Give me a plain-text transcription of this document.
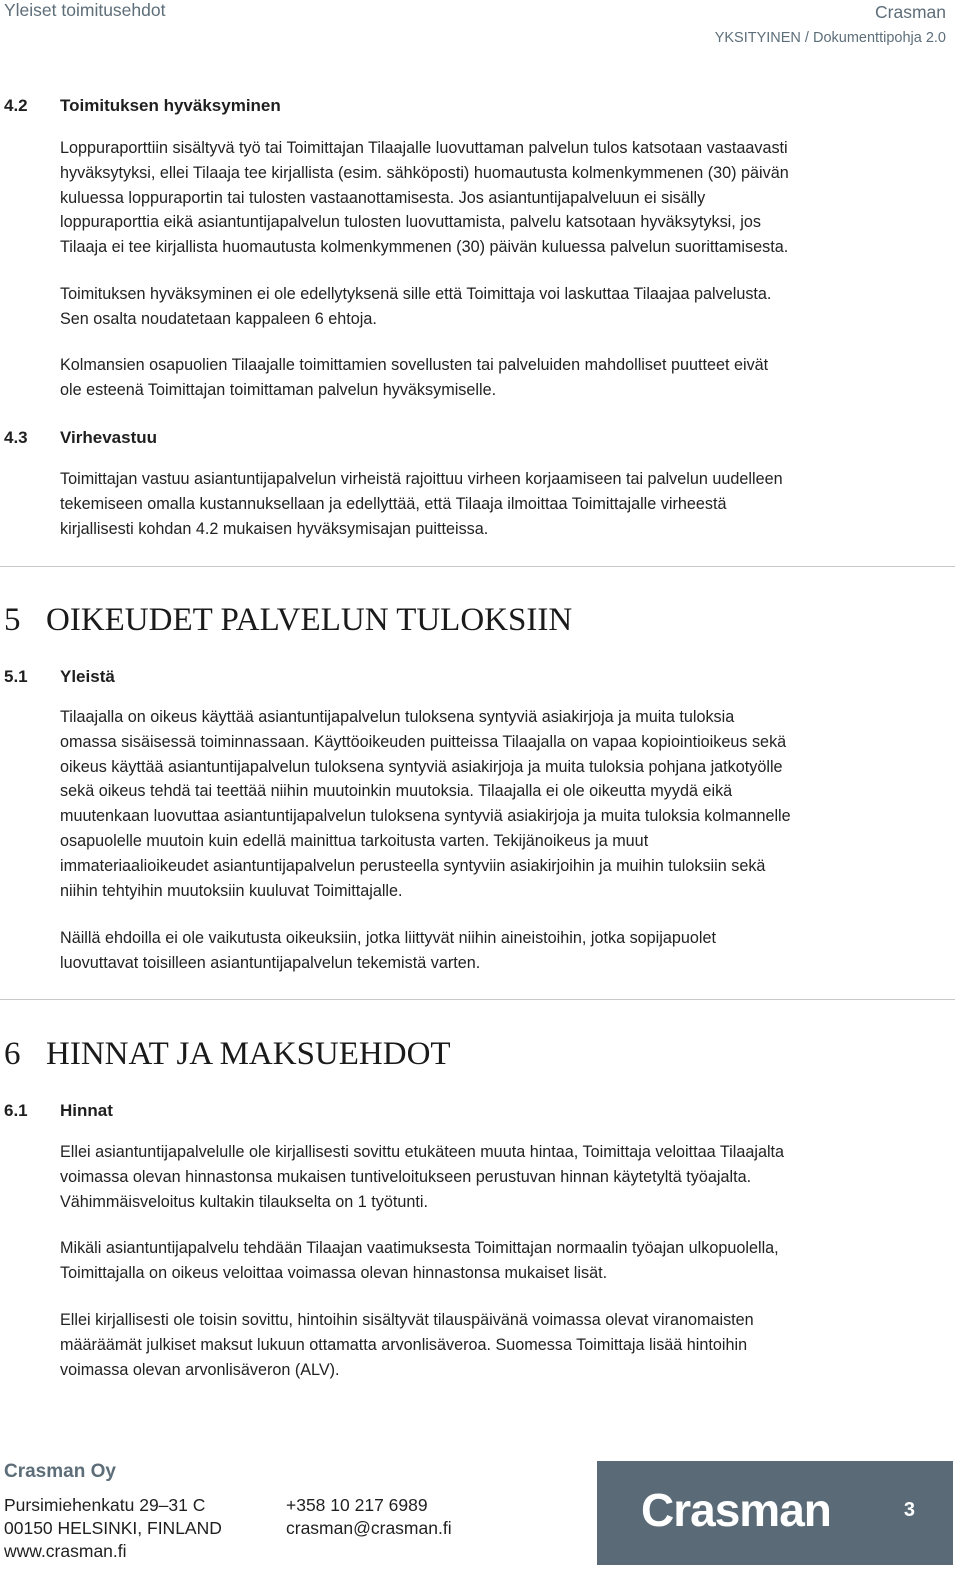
Yleiset toimitusehdot	Crasman
YKSITYINEN / Dokumenttipohja 2.0
4.2 Toimituksen hyväksyminen
Loppuraporttiin sisältyvä työ tai Toimittajan Tilaajalle luovuttaman palvelun tulos katsotaan vastaavasti
hyväksytyksi, ellei Tilaaja tee kirjallista (esim. sähköposti) huomautusta kolmenkymmenen (30) päivän
kuluessa loppuraportin tai tulosten vastaanottamisesta. Jos asiantuntijapalveluun ei sisälly
loppuraporttia eikä asiantuntijapalvelun tulosten luovuttamista, palvelu katsotaan hyväksytyksi, jos
Tilaaja ei tee kirjallista huomautusta kolmenkymmenen (30) päivän kuluessa palvelun suorittamisesta.
Toimituksen hyväksyminen ei ole edellytyksenä sille että Toimittaja voi laskuttaa Tilaajaa palvelusta.
Sen osalta noudatetaan kappaleen 6 ehtoja.
Kolmansien osapuolien Tilaajalle toimittamien sovellusten tai palveluiden mahdolliset puutteet eivät
ole esteenä Toimittajan toimittaman palvelun hyväksymiselle.
4.3 Virhevastuu
Toimittajan vastuu asiantuntijapalvelun virheistä rajoittuu virheen korjaamiseen tai palvelun uudelleen
tekemiseen omalla kustannuksellaan ja edellyttää, että Tilaaja ilmoittaa Toimittajalle virheestä
kirjallisesti kohdan 4.2 mukaisen hyväksymisajan puitteissa.
5 OIKEUDET PALVELUN TULOKSIIN
5.1 Yleistä
Tilaajalla on oikeus käyttää asiantuntijapalvelun tuloksena syntyviä asiakirjoja ja muita tuloksia
omassa sisäisessä toiminnassaan. Käyttöoikeuden puitteissa Tilaajalla on vapaa kopiointioikeus sekä
oikeus käyttää asiantuntijapalvelun tuloksena syntyviä asiakirjoja ja muita tuloksia pohjana jatkotyölle
sekä oikeus tehdä tai teettää niihin muutoinkin muutoksia. Tilaajalla ei ole oikeutta myydä eikä
muutenkaan luovuttaa asiantuntijapalvelun tuloksena syntyviä asiakirjoja ja muita tuloksia kolmannelle
osapuolelle muutoin kuin edellä mainittua tarkoitusta varten. Tekijänoikeus ja muut
immateriaalioikeudet asiantuntijapalvelun perusteella syntyviin asiakirjoihin ja muihin tuloksiin sekä
niihin tehtyihin muutoksiin kuuluvat Toimittajalle.
Näillä ehdoilla ei ole vaikutusta oikeuksiin, jotka liittyvät niihin aineistoihin, jotka sopijapuolet
luovuttavat toisilleen asiantuntijapalvelun tekemistä varten.
6 HINNAT JA MAKSUEHDOT
6.1 Hinnat
Ellei asiantuntijapalvelulle ole kirjallisesti sovittu etukäteen muuta hintaa, Toimittaja veloittaa Tilaajalta
voimassa olevan hinnastonsa mukaisen tuntiveloitukseen perustuvan hinnan käytetyltä työajalta.
Vähimmäisveloitus kultakin tilaukselta on 1 työtunti.
Mikäli asiantuntijapalvelu tehdään Tilaajan vaatimuksesta Toimittajan normaalin työajan ulkopuolella,
Toimittajalla on oikeus veloittaa voimassa olevan hinnastonsa mukaiset lisät.
Ellei kirjallisesti ole toisin sovittu, hintoihin sisältyvät tilauspäivänä voimassa olevat viranomaisten
määräämät julkiset maksut lukuun ottamatta arvonlisäveroa. Suomessa Toimittaja lisää hintoihin
voimassa olevan arvonlisäveron (ALV).
Crasman Oy
Pursimiehenkatu 29–31 C
00150 HELSINKI, FINLAND
www.crasman.fi
+358 10 217 6989
crasman@crasman.fi	Crasman	3
